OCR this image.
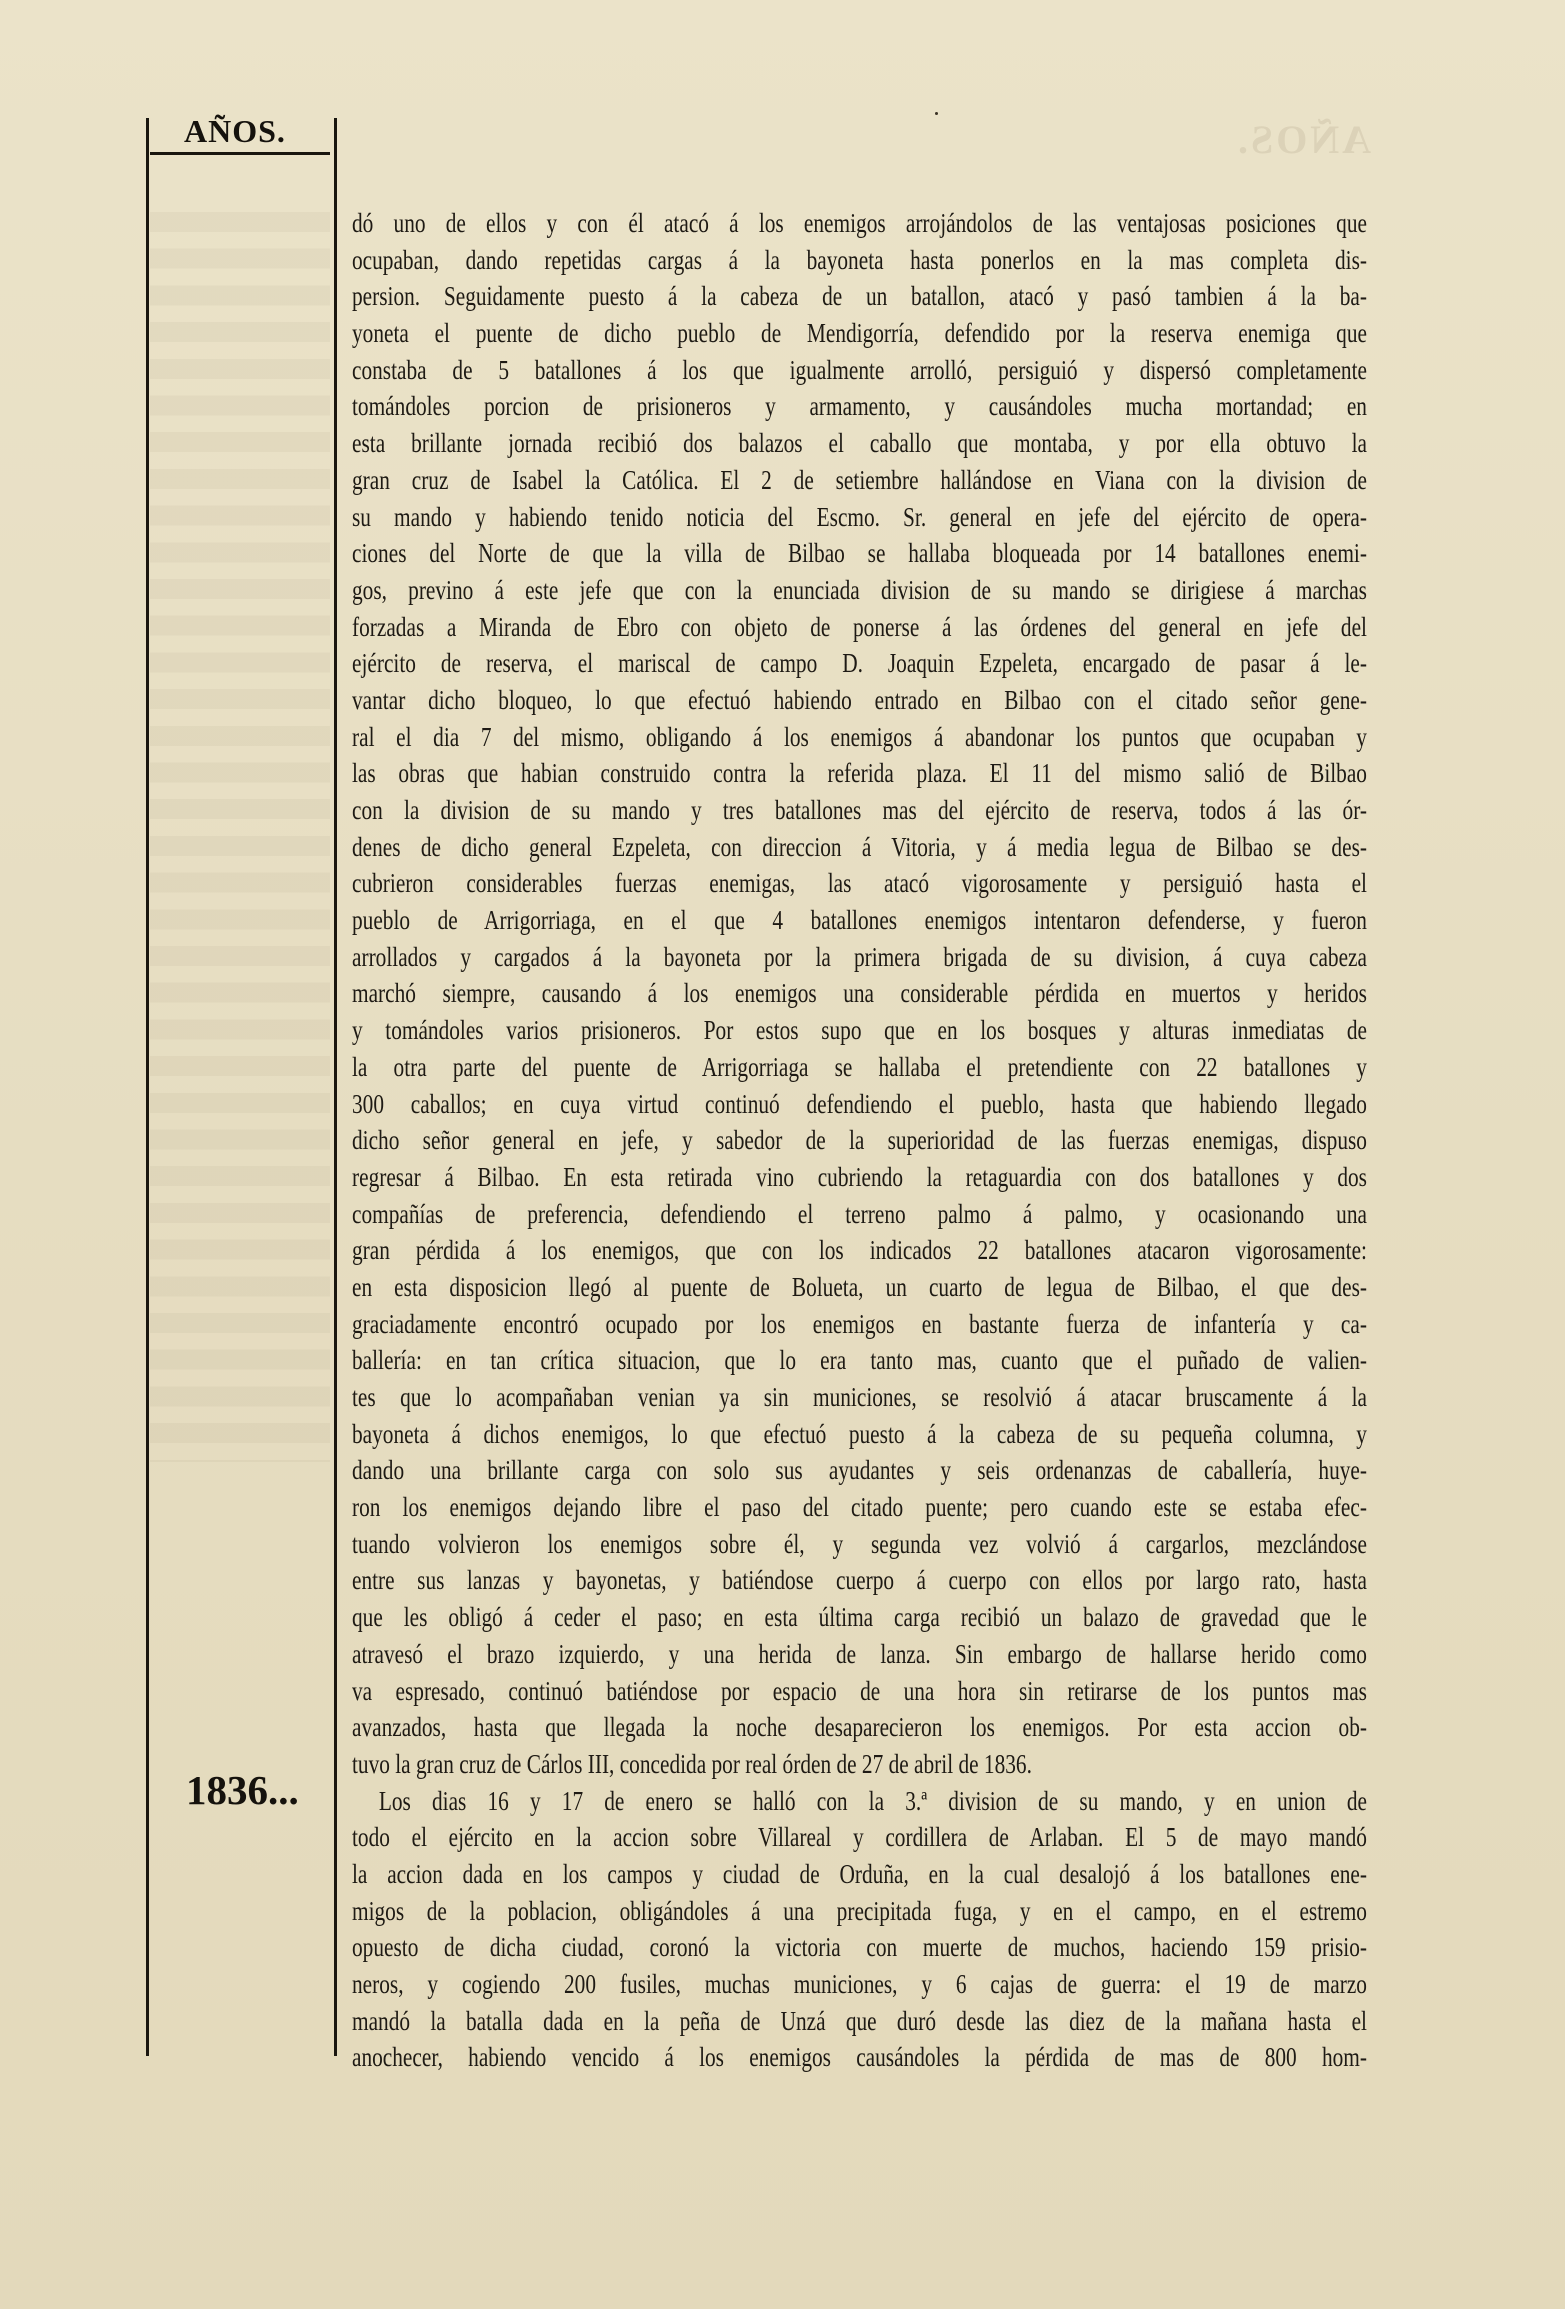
AÑOS.
AÑOS.
1836...
dó uno de ellos y con él atacó á los enemigos arrojándolos de las ventajosas posiciones que
ocupaban, dando repetidas cargas á la bayoneta hasta ponerlos en la mas completa dis-
persion. Seguidamente puesto á la cabeza de un batallon, atacó y pasó tambien á la ba-
yoneta el puente de dicho pueblo de Mendigorría, defendido por la reserva enemiga que
constaba de 5 batallones á los que igualmente arrolló, persiguió y dispersó completamente
tomándoles porcion de prisioneros y armamento, y causándoles mucha mortandad; en
esta brillante jornada recibió dos balazos el caballo que montaba, y por ella obtuvo la
gran cruz de Isabel la Católica. El 2 de setiembre hallándose en Viana con la division de
su mando y habiendo tenido noticia del Escmo. Sr. general en jefe del ejército de opera-
ciones del Norte de que la villa de Bilbao se hallaba bloqueada por 14 batallones enemi-
gos, previno á este jefe que con la enunciada division de su mando se dirigiese á marchas
forzadas a Miranda de Ebro con objeto de ponerse á las órdenes del general en jefe del
ejército de reserva, el mariscal de campo D. Joaquin Ezpeleta, encargado de pasar á le-
vantar dicho bloqueo, lo que efectuó habiendo entrado en Bilbao con el citado señor gene-
ral el dia 7 del mismo, obligando á los enemigos á abandonar los puntos que ocupaban y
las obras que habian construido contra la referida plaza. El 11 del mismo salió de Bilbao
con la division de su mando y tres batallones mas del ejército de reserva, todos á las ór-
denes de dicho general Ezpeleta, con direccion á Vitoria, y á media legua de Bilbao se des-
cubrieron considerables fuerzas enemigas, las atacó vigorosamente y persiguió hasta el
pueblo de Arrigorriaga, en el que 4 batallones enemigos intentaron defenderse, y fueron
arrollados y cargados á la bayoneta por la primera brigada de su division, á cuya cabeza
marchó siempre, causando á los enemigos una considerable pérdida en muertos y heridos
y tomándoles varios prisioneros. Por estos supo que en los bosques y alturas inmediatas de
la otra parte del puente de Arrigorriaga se hallaba el pretendiente con 22 batallones y
300 caballos; en cuya virtud continuó defendiendo el pueblo, hasta que habiendo llegado
dicho señor general en jefe, y sabedor de la superioridad de las fuerzas enemigas, dispuso
regresar á Bilbao. En esta retirada vino cubriendo la retaguardia con dos batallones y dos
compañías de preferencia, defendiendo el terreno palmo á palmo, y ocasionando una
gran pérdida á los enemigos, que con los indicados 22 batallones atacaron vigorosamente:
en esta disposicion llegó al puente de Bolueta, un cuarto de legua de Bilbao, el que des-
graciadamente encontró ocupado por los enemigos en bastante fuerza de infantería y ca-
ballería: en tan crítica situacion, que lo era tanto mas, cuanto que el puñado de valien-
tes que lo acompañaban venian ya sin municiones, se resolvió á atacar bruscamente á la
bayoneta á dichos enemigos, lo que efectuó puesto á la cabeza de su pequeña columna, y
dando una brillante carga con solo sus ayudantes y seis ordenanzas de caballería, huye-
ron los enemigos dejando libre el paso del citado puente; pero cuando este se estaba efec-
tuando volvieron los enemigos sobre él, y segunda vez volvió á cargarlos, mezclándose
entre sus lanzas y bayonetas, y batiéndose cuerpo á cuerpo con ellos por largo rato, hasta
que les obligó á ceder el paso; en esta última carga recibió un balazo de gravedad que le
atravesó el brazo izquierdo, y una herida de lanza. Sin embargo de hallarse herido como
va espresado, continuó batiéndose por espacio de una hora sin retirarse de los puntos mas
avanzados, hasta que llegada la noche desaparecieron los enemigos. Por esta accion ob-
tuvo la gran cruz de Cárlos III, concedida por real órden de 27 de abril de 1836.
Los dias 16 y 17 de enero se halló con la 3.ª division de su mando, y en union de
todo el ejército en la accion sobre Villareal y cordillera de Arlaban. El 5 de mayo mandó
la accion dada en los campos y ciudad de Orduña, en la cual desalojó á los batallones ene-
migos de la poblacion, obligándoles á una precipitada fuga, y en el campo, en el estremo
opuesto de dicha ciudad, coronó la victoria con muerte de muchos, haciendo 159 prisio-
neros, y cogiendo 200 fusiles, muchas municiones, y 6 cajas de guerra: el 19 de marzo
mandó la batalla dada en la peña de Unzá que duró desde las diez de la mañana hasta el
anochecer, habiendo vencido á los enemigos causándoles la pérdida de mas de 800 hom-
